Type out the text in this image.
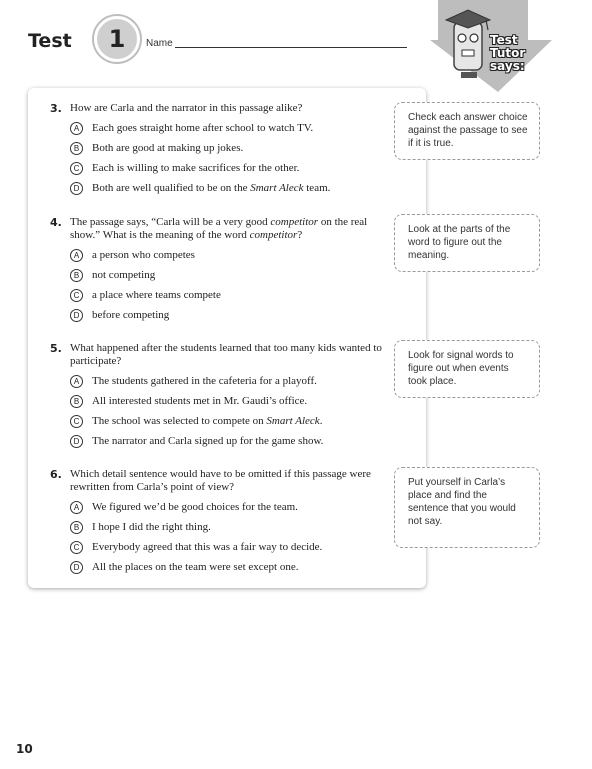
Test	1	Name	Test
Tutor
says:
3. How are Carla and the narrator in this passage alike?
A	Each goes straight home after school to watch TV.
B	Both are good at making up jokes.
C	Each is willing to make sacrifices for the other.
D	Both are well qualified to be on the Smart Aleck team.
4. The passage says, “Carla will be a very good competitor on the real show.” What is the meaning of the word competitor?
A	a person who competes
B	not competing
C	a place where teams compete
D	before competing
5. What happened after the students learned that too many kids wanted to participate?
A	The students gathered in the cafeteria for a playoff.
B	All interested students met in Mr. Gaudi’s office.
C	The school was selected to compete on Smart Aleck.
D	The narrator and Carla signed up for the game show.
6. Which detail sentence would have to be omitted if this passage were rewritten from Carla’s point of view?
A	We figured we’d be good choices for the team.
B	I hope I did the right thing.
C	Everybody agreed that this was a fair way to decide.
D	All the places on the team were set except one.
Check each answer choice against the passage to see if it is true.
Look at the parts of the word to figure out the meaning.
Look for signal words to figure out when events took place.
Put yourself in Carla’s place and find the sentence that you would not say.
10
